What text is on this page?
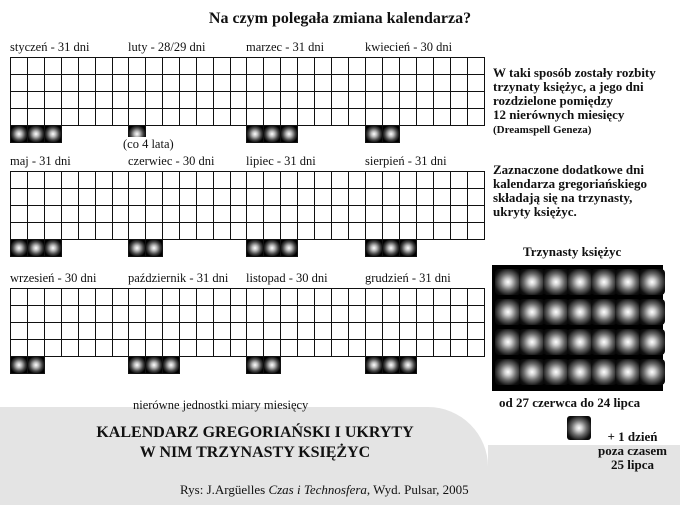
Na czym polegała zmiana kalendarza?
styczeń - 31 dni	luty - 28/29 dni
(co 4 lata)
marzec - 31 dni	kwiecień - 30 dni
maj - 31 dni	czerwiec - 30 dni	lipiec - 31 dni	sierpień - 31 dni
wrzesień - 30 dni	październik - 31 dni listopad - 30 dni	grudzień - 31 dni
nierówne jednostki miary miesięcy
W taki sposób zostały rozbity
trzynaty księżyc, a jego dni
rozdzielone pomiędzy
12 nierównych miesięcy
(Dreamspell Geneza)
Zaznaczone dodatkowe dni
kalendarza gregoriańskiego
składają się na trzynasty,
ukryty księżyc.
Trzynasty księżyc
od 27 czerwca do 24 lipca
+ 1 dzień
poza czasem
25 lipca
KALENDARZ GREGORIAŃSKI I UKRYTY
W NIM TRZYNASTY KSIĘŻYC
Rys: J.Argüelles Czas i Technosfera, Wyd. Pulsar, 2005
